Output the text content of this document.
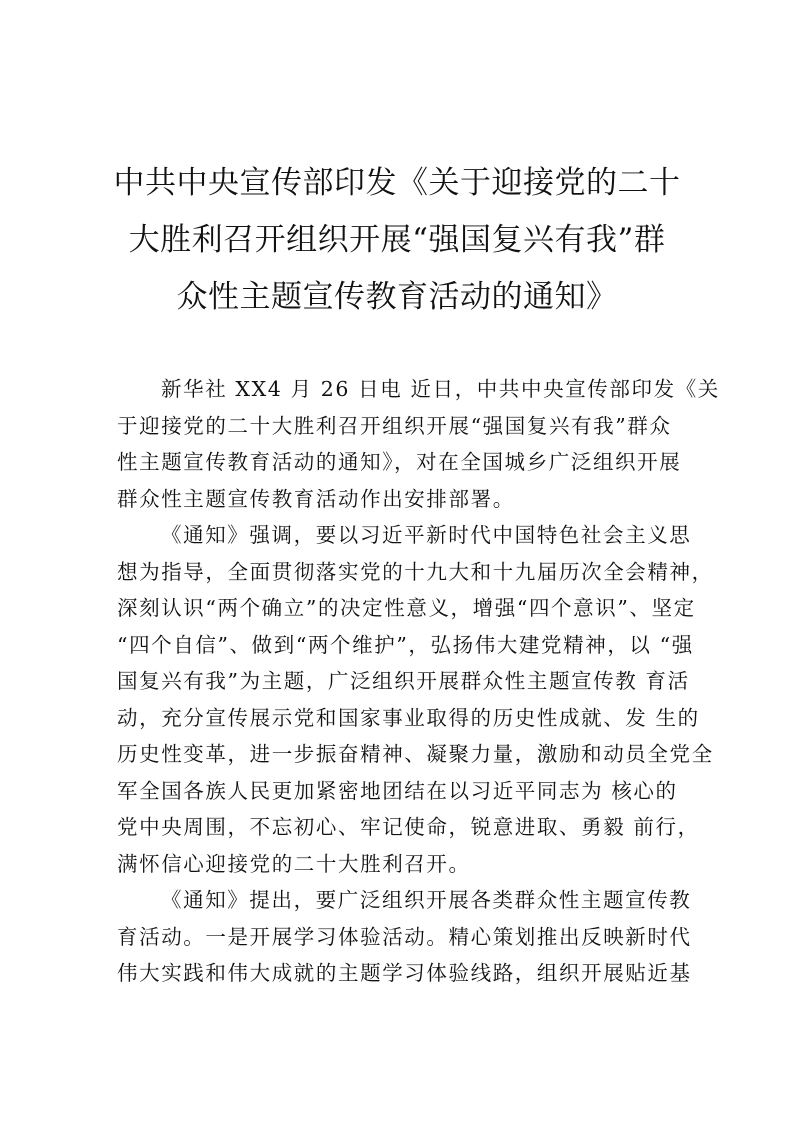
中共中央宣传部印发《关于迎接党的二十
大胜利召开组织开展“强国复兴有我”群
众性主题宣传教育活动的通知》
新华社 XX4 月 26 日电 近日，中共中央宣传部印发《关
于迎接党的二十大胜利召开组织开展“强国复兴有我”群众
性主题宣传教育活动的通知》，对在全国城乡广泛组织开展
群众性主题宣传教育活动作出安排部署。
《通知》强调，要以习近平新时代中国特色社会主义思
想为指导，全面贯彻落实党的十九大和十九届历次全会精神，
深刻认识“两个确立”的决定性意义，增强“四个意识”、坚定
“四个自信”、做到“两个维护”，弘扬伟大建党精神，以 “强
国复兴有我”为主题，广泛组织开展群众性主题宣传教 育活
动，充分宣传展示党和国家事业取得的历史性成就、发 生的
历史性变革，进一步振奋精神、凝聚力量，激励和动员全党全
军全国各族人民更加紧密地团结在以习近平同志为 核心的
党中央周围，不忘初心、牢记使命，锐意进取、勇毅 前行，
满怀信心迎接党的二十大胜利召开。
《通知》提出，要广泛组织开展各类群众性主题宣传教
育活动。一是开展学习体验活动。精心策划推出反映新时代
伟大实践和伟大成就的主题学习体验线路，组织开展贴近基
